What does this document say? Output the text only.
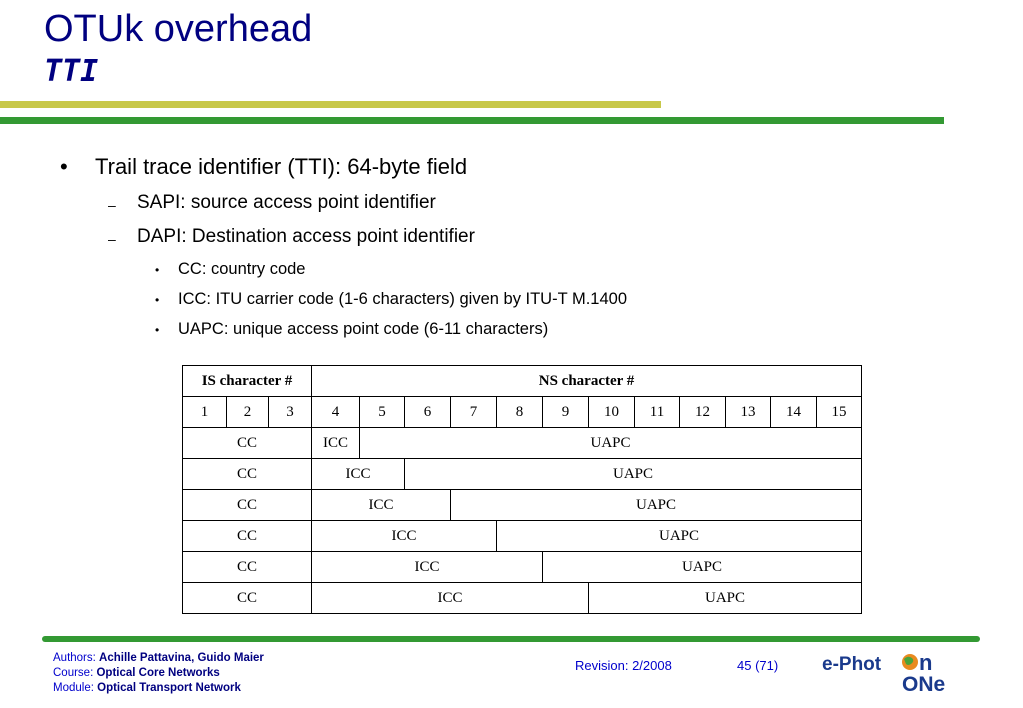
OTUk overhead
TTI
• Trail trace identifier (TTI): 64-byte field
– SAPI: source access point identifier
– DAPI: Destination access point identifier
• CC: country code
• ICC: ITU carrier code (1-6 characters) given by ITU-T M.1400
• UAPC: unique access point code (6-11 characters)
IS character #			NS character #											
1	2	3	4	5	6	7	8	9	10	11	12	13	14	15
CC			ICC	UAPC										
CC			ICC		UAPC									
CC			ICC			UAPC								
CC			ICC				UAPC							
CC			ICC					UAPC						
CC			ICC						UAPC					
Authors: Achille Pattavina, Guido Maier
Course: Optical Core Networks
Module: Optical Transport Network
Revision: 2/2008	45 (71) e-Phot n
ONe
